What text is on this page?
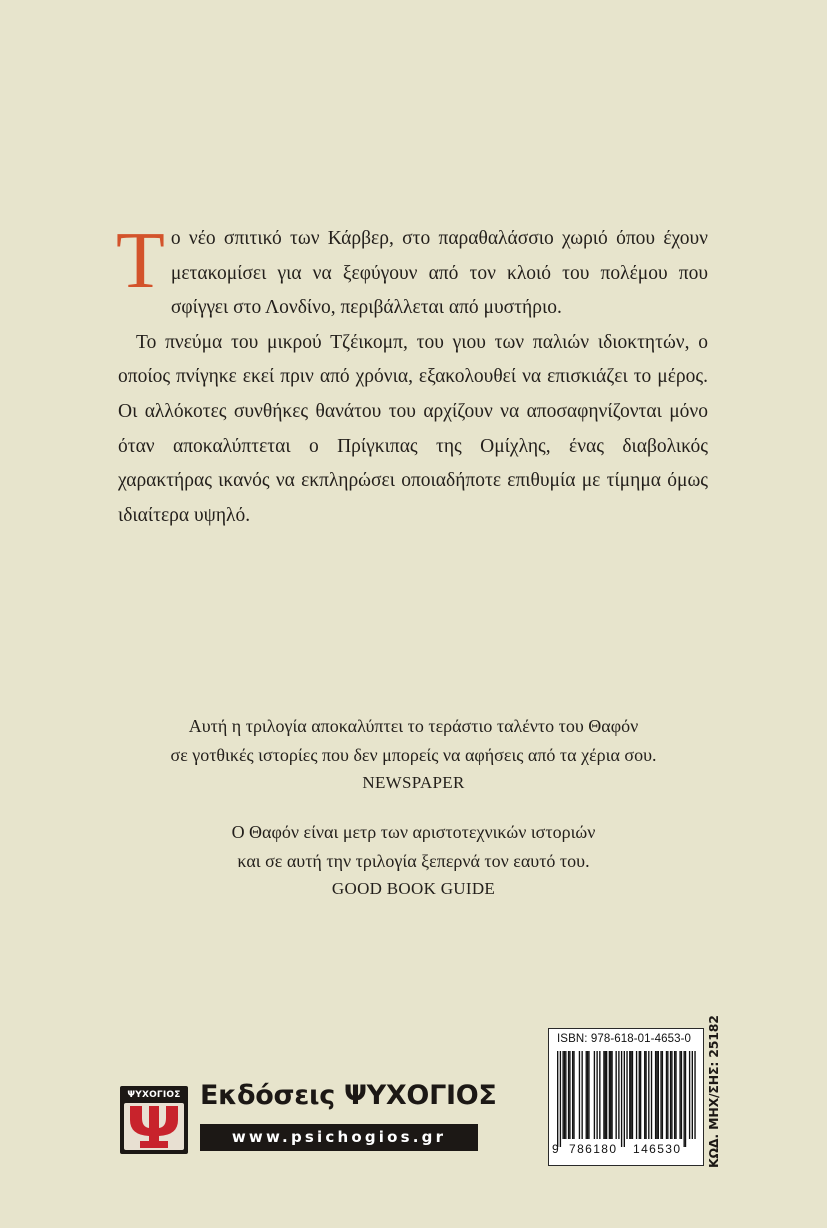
Το νέο σπιτικό των Κάρβερ, στο παραθαλάσσιο χωριό όπου έχουν μετακομίσει για να ξεφύγουν από τον κλοιό του πολέμου που σφίγγει στο Λονδίνο, περιβάλλεται από μυστήριο.

Το πνεύμα του μικρού Τζέικομπ, του γιου των παλιών ιδιοκτητών, ο οποίος πνίγηκε εκεί πριν από χρόνια, εξακολουθεί να επισκιάζει το μέρος. Οι αλλόκοτες συνθήκες θανάτου του αρχίζουν να αποσαφηνίζονται μόνο όταν αποκαλύπτεται ο Πρίγκιπας της Ομίχλης, ένας διαβολικός χαρακτήρας ικανός να εκπληρώσει οποιαδήποτε επιθυμία με τίμημα όμως ιδιαίτερα υψηλό.

Αυτή η τριλογία αποκαλύπτει το τεράστιο ταλέντο του Θαφόν
σε γοτθικές ιστορίες που δεν μπορείς να αφήσεις από τα χέρια σου.
NEWSPAPER
Ο Θαφόν είναι μετρ των αριστοτεχνικών ιστοριών
και σε αυτή την τριλογία ξεπερνά τον εαυτό του.
GOOD BOOK GUIDE
ΨΥΧΟΓΙΟΣ Εκδόσεις ΨΥΧΟΓΙΟΣ
www.psichogios.gr
ISBN: 978-618-01-4653-0
9 786180 146530 ΚΩΔ. ΜΗΧ/ΣΗΣ: 25182
